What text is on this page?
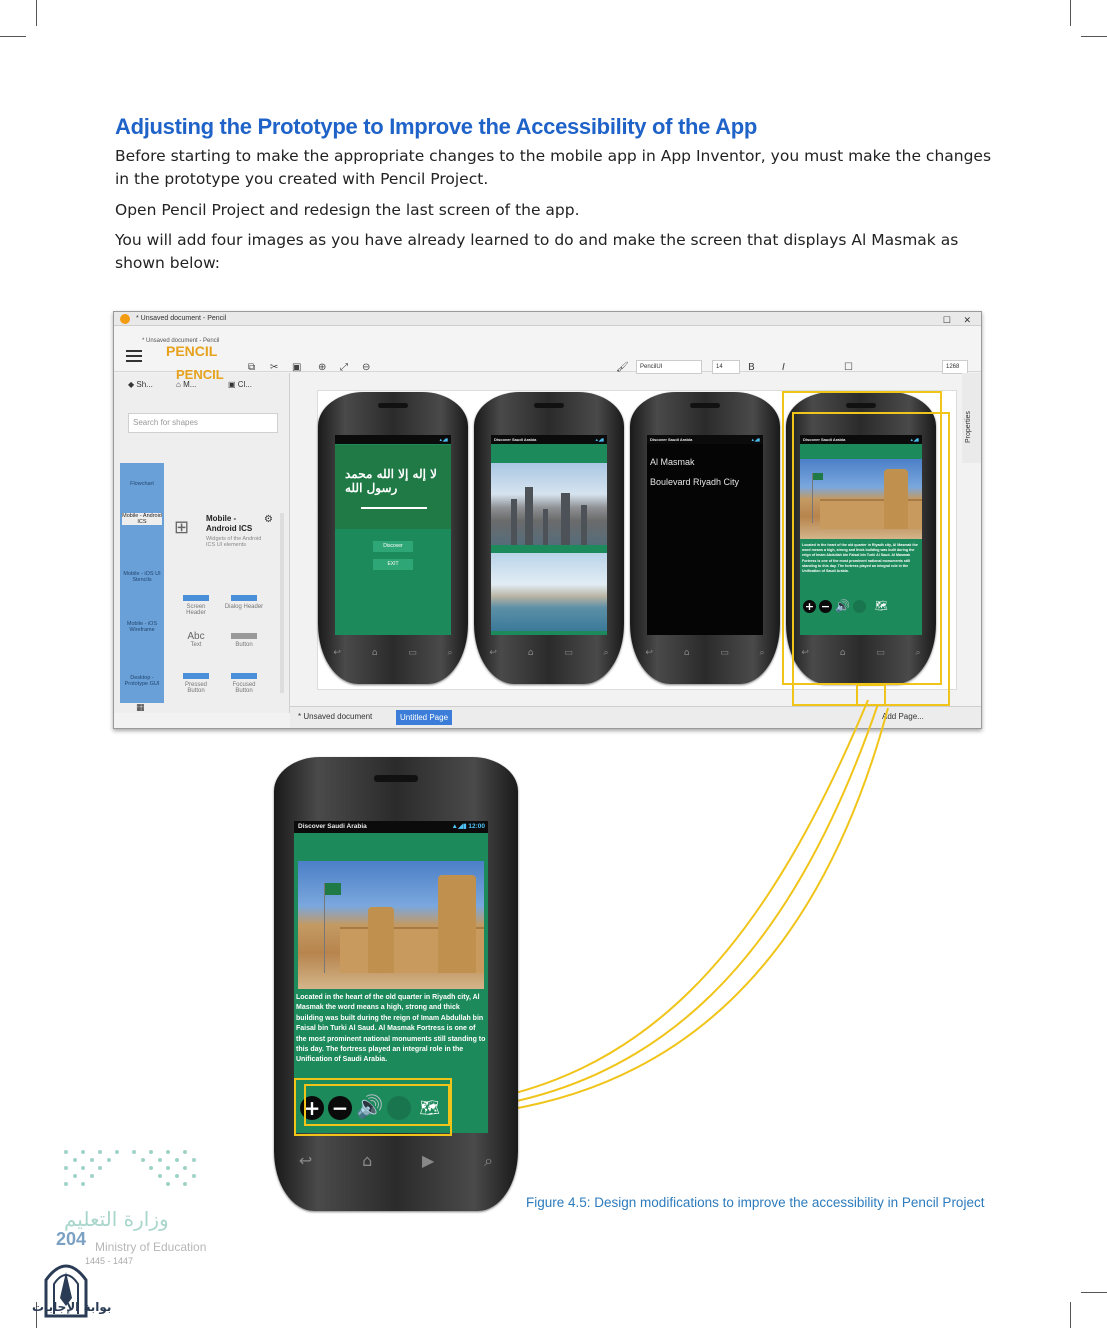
Adjusting the Prototype to Improve the Accessibility of the App

Before starting to make the appropriate changes to the mobile app in App Inventor, you must make the changes in the prototype you created with Pencil Project.

Open Pencil Project and redesign the last screen of the app.

You will add four images as you have already learned to do and make the screen that displays Al Masmak as shown below:

* Unsaved document - Pencil	☐ ✕
* Unsaved document - Pencil
PENCIL
⧉ ✂ ▣ ⊕ ⤢ ⊖	🖌	PencilUI	14	B	I	☐	1268
PENCIL
◆ Sh...	⌂ M...	▣ Cl...
Search for shapes
Flowchart
Mobile - Android ICS
Mobile - iOS UI Stencils
Mobile - iOS Wireframe
Desktop - Prototype GUI
⊞ Mobile - Android ICS
Widgets of the Android ICS UI elements
⚙
Screen Header
Dialog Header
Abc
Text	Button
Pressed Button
Focused Button
▦
Properties
* Unsaved document	Untitled Page	Add Page...
▲◢▮
لا إله إلا الله محمد رسول الله
Discover
EXIT
↩	⌂	▭	⌕
Discover Saudi Arabia	▲◢▮
↩	⌂	▭	⌕
Discover Saudi Arabia	▲◢▮
Al Masmak
Boulevard Riyadh City
↩	⌂	▭	⌕
Discover Saudi Arabia	▲◢▮
Located in the heart of the old quarter in Riyadh city, Al Masmak the word means a high, strong and thick building was built during the reign of Imam Abdullah bin Faisal bin Turki Al Saud. Al Masmak Fortress is one of the most prominent national monuments still standing to this day. The fortress played an integral role in the Unification of Saudi Arabia.
+ − 🔊	🗺
↩	⌂	▭	⌕
Discover Saudi Arabia	▲◢▮ 12:00
Located in the heart of the old quarter in Riyadh city, Al Masmak the word means a high, strong and thick building was built during the reign of Imam Abdullah bin Faisal bin Turki Al Saud. Al Masmak Fortress is one of the most prominent national monuments still standing to this day. The fortress played an integral role in the Unification of Saudi Arabia.
+ − 🔊 🗺
↩	⌂	▶	⌕
Figure 4.5: Design modifications to improve the accessibility in Pencil Project
وزارة التعليم
Ministry of Education
204
1445 - 1447
بوابة الإجابات
